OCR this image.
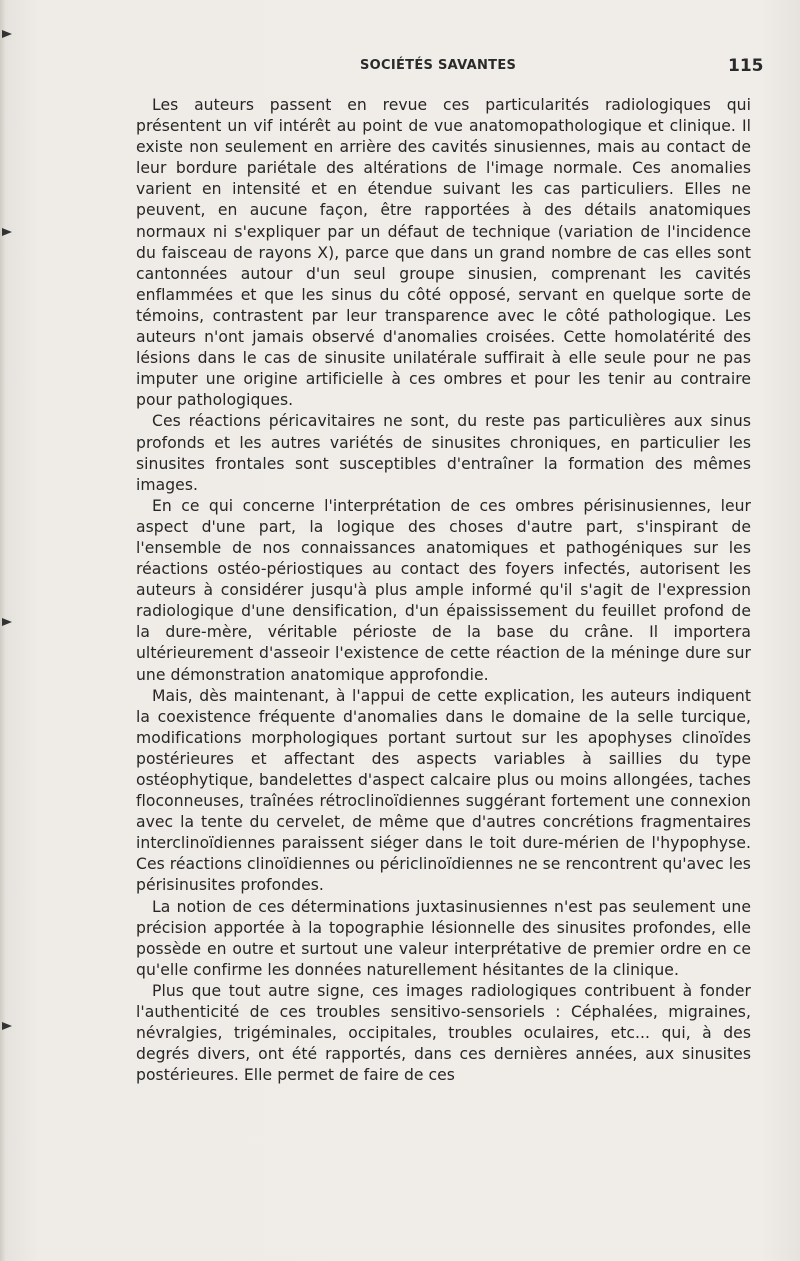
SOCIÉTÉS SAVANTES	115

Les auteurs passent en revue ces particularités radiologiques qui présentent un vif intérêt au point de vue anatomopathologique et clinique. Il existe non seulement en arrière des cavités sinusiennes, mais au contact de leur bordure pariétale des altérations de l'image normale. Ces anomalies varient en intensité et en étendue suivant les cas particuliers. Elles ne peuvent, en aucune façon, être rapportées à des détails anatomiques normaux ni s'expliquer par un défaut de technique (variation de l'incidence du faisceau de rayons X), parce que dans un grand nombre de cas elles sont cantonnées autour d'un seul groupe sinusien, comprenant les cavités enflammées et que les sinus du côté opposé, servant en quelque sorte de témoins, contrastent par leur transparence avec le côté pathologique. Les auteurs n'ont jamais observé d'anomalies croisées. Cette homolatérité des lésions dans le cas de sinusite unilatérale suffirait à elle seule pour ne pas imputer une origine artificielle à ces ombres et pour les tenir au contraire pour pathologiques.

Ces réactions péricavitaires ne sont, du reste pas particulières aux sinus profonds et les autres variétés de sinusites chroniques, en particulier les sinusites frontales sont susceptibles d'entraîner la formation des mêmes images.

En ce qui concerne l'interprétation de ces ombres périsinusiennes, leur aspect d'une part, la logique des choses d'autre part, s'inspirant de l'ensemble de nos connaissances anatomiques et pathogéniques sur les réactions ostéo-périostiques au contact des foyers infectés, autorisent les auteurs à considérer jusqu'à plus ample informé qu'il s'agit de l'expression radiologique d'une densification, d'un épaississement du feuillet profond de la dure-mère, véritable périoste de la base du crâne. Il importera ultérieurement d'asseoir l'existence de cette réaction de la méninge dure sur une démonstration anatomique approfondie.

Mais, dès maintenant, à l'appui de cette explication, les auteurs indiquent la coexistence fréquente d'anomalies dans le domaine de la selle turcique, modifications morphologiques portant surtout sur les apophyses clinoïdes postérieures et affectant des aspects variables à saillies du type ostéophytique, bandelettes d'aspect calcaire plus ou moins allongées, taches floconneuses, traînées rétroclinoïdiennes suggérant fortement une connexion avec la tente du cervelet, de même que d'autres concrétions fragmentaires interclinoïdiennes paraissent siéger dans le toit dure-mérien de l'hypophyse. Ces réactions clinoïdiennes ou périclinoïdiennes ne se rencontrent qu'avec les périsinusites profondes.

La notion de ces déterminations juxtasinusiennes n'est pas seulement une précision apportée à la topographie lésionnelle des sinusites profondes, elle possède en outre et surtout une valeur interprétative de premier ordre en ce qu'elle confirme les données naturellement hésitantes de la clinique.

Plus que tout autre signe, ces images radiologiques contribuent à fonder l'authenticité de ces troubles sensitivo-sensoriels : Céphalées, migraines, névralgies, trigéminales, occipitales, troubles oculaires, etc... qui, à des degrés divers, ont été rapportés, dans ces dernières années, aux sinusites postérieures. Elle permet de faire de ces
